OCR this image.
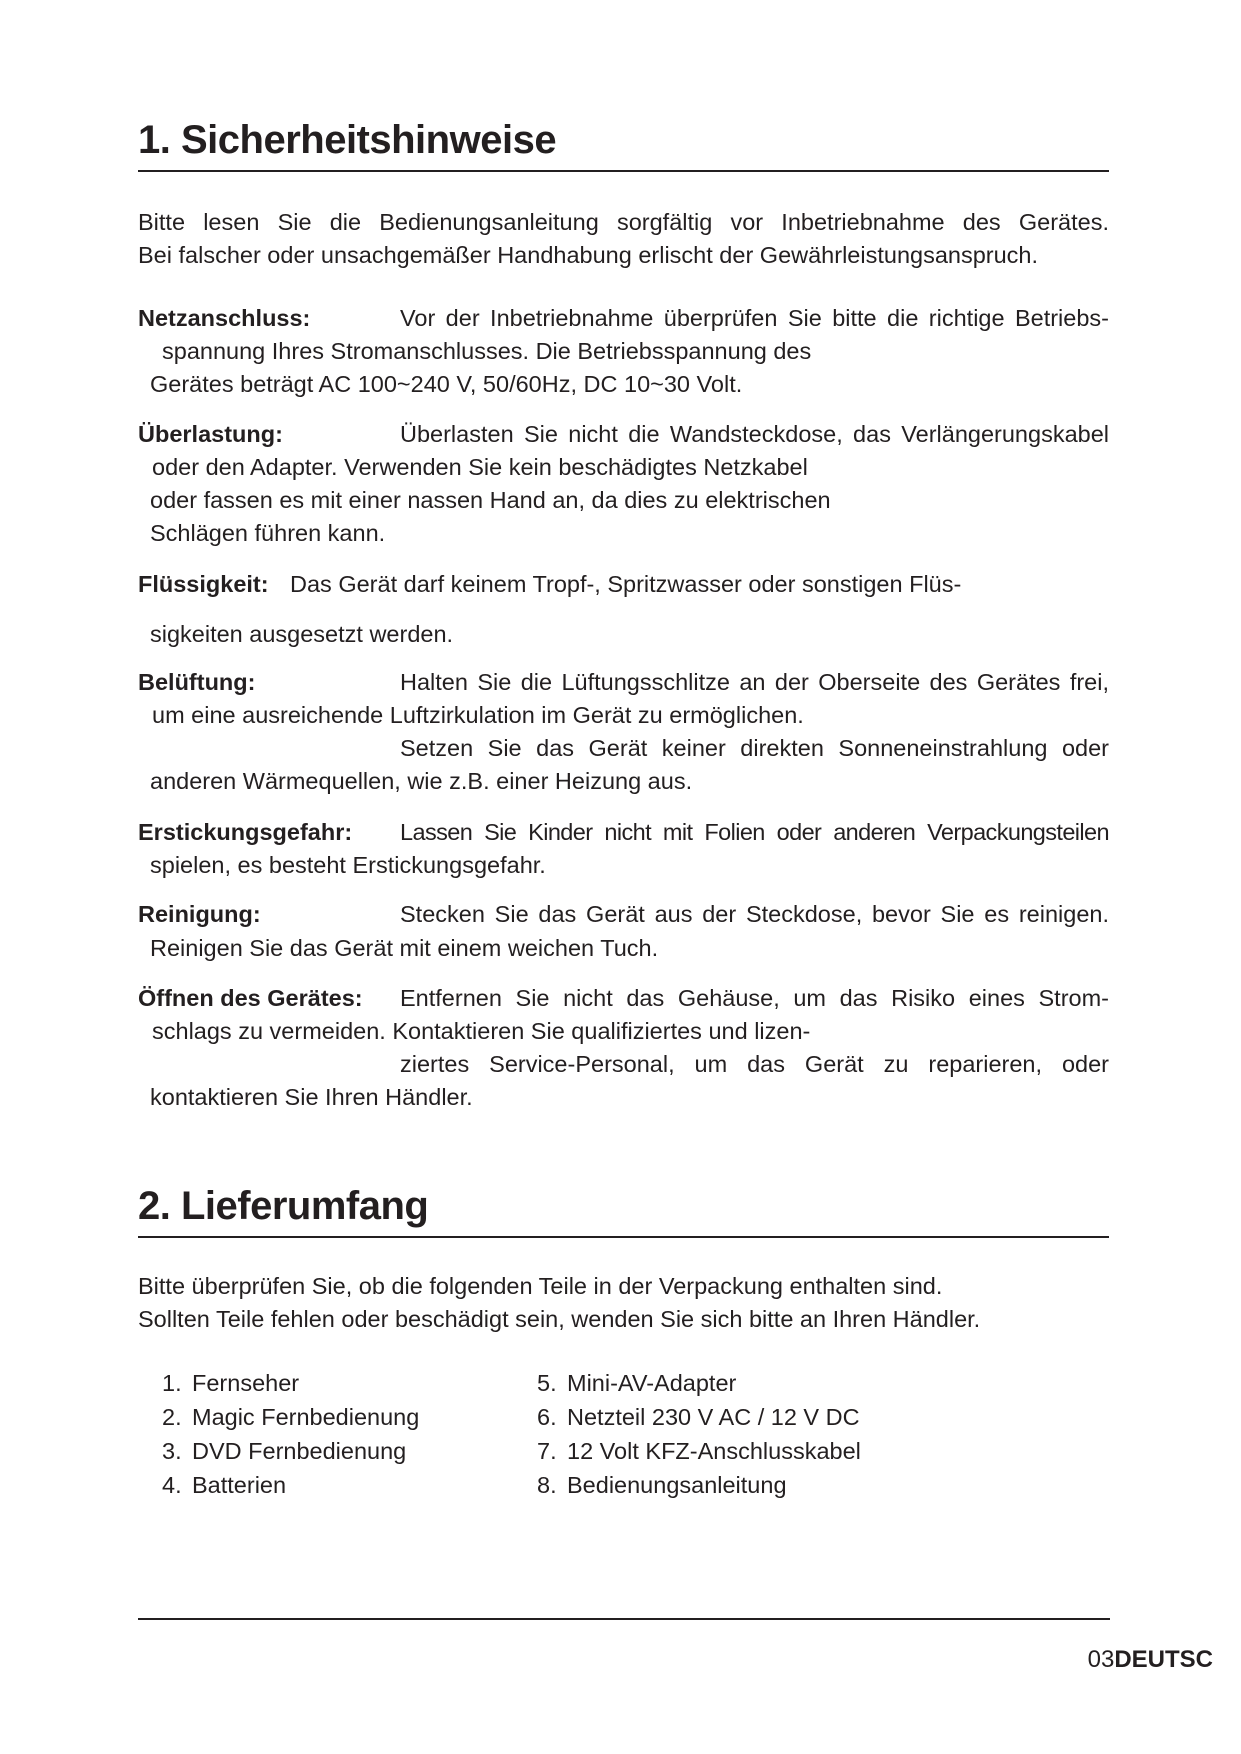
1. Sicherheitshinweise

Bitte lesen Sie die Bedienungsanleitung sorgfältig vor Inbetriebnahme des Gerätes.

Bei falscher oder unsachgemäßer Handhabung erlischt der Gewährleistungsanspruch.

Netzanschluss:	Vor der Inbetriebnahme überprüfen Sie bitte die richtige Betriebs-
spannung Ihres Stromanschlusses. Die Betriebsspannung des
Gerätes beträgt AC 100~240 V, 50/60Hz, DC 10~30 Volt.
Überlastung:	Überlasten Sie nicht die Wandsteckdose, das Verlängerungskabel
oder den Adapter. Verwenden Sie kein beschädigtes Netzkabel
oder fassen es mit einer nassen Hand an, da dies zu elektrischen
Schlägen führen kann.
Flüssigkeit: Das Gerät darf keinem Tropf-, Spritzwasser oder sonstigen Flüs-
sigkeiten ausgesetzt werden.
Belüftung:	Halten Sie die Lüftungsschlitze an der Oberseite des Gerätes frei,
um eine ausreichende Luftzirkulation im Gerät zu ermöglichen.
Setzen Sie das Gerät keiner direkten Sonneneinstrahlung oder
anderen Wärmequellen, wie z.B. einer Heizung aus.
Erstickungsgefahr: Lassen Sie Kinder nicht mit Folien oder anderen Verpackungsteilen
spielen, es besteht Erstickungsgefahr.
Reinigung:	Stecken Sie das Gerät aus der Steckdose, bevor Sie es reinigen.
Reinigen Sie das Gerät mit einem weichen Tuch.
Öffnen des Gerätes: Entfernen Sie nicht das Gehäuse, um das Risiko eines Strom-
schlags zu vermeiden. Kontaktieren Sie qualifiziertes und lizen-
ziertes Service-Personal, um das Gerät zu reparieren, oder
kontaktieren Sie Ihren Händler.
2. Lieferumfang

Bitte überprüfen Sie, ob die folgenden Teile in der Verpackung enthalten sind.

Sollten Teile fehlen oder beschädigt sein, wenden Sie sich bitte an Ihren Händler.

1. Fernseher
2. Magic Fernbedienung
3. DVD Fernbedienung
4. Batterien
5. Mini-AV-Adapter
6. Netzteil 230 V AC / 12 V DC
7. 12 Volt KFZ-Anschlusskabel
8. Bedienungsanleitung
03DEUTSC
